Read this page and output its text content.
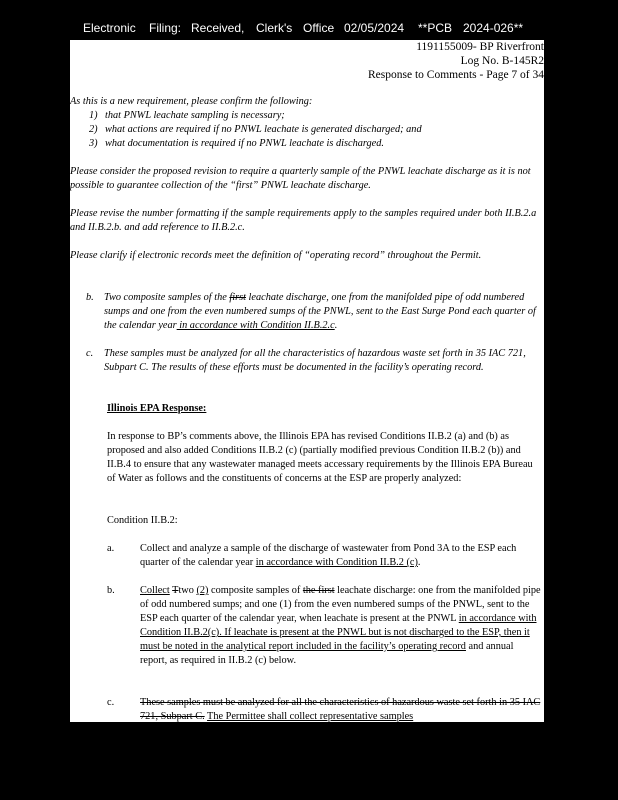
Electronic Filing: Received, Clerk's Office 02/05/2024 **PCB 2024-026**
1191155009- BP Riverfront
Log No. B-145R2
Response to Comments - Page 7 of 34

As this is a new requirement, please confirm the following:

1) that PNWL leachate sampling is necessary;
2) what actions are required if no PNWL leachate is generated discharged; and
3) what documentation is required if no PNWL leachate is discharged.

Please consider the proposed revision to require a quarterly sample of the PNWL leachate discharge as it is not possible to guarantee collection of the “first” PNWL leachate discharge.

Please revise the number formatting if the sample requirements apply to the samples required under both II.B.2.a and II.B.2.b. and add reference to II.B.2.c.

Please clarify if electronic records meet the definition of “operating record” throughout the Permit.

b. Two composite samples of the first leachate discharge, one from the manifolded pipe of odd numbered sumps and one from the even numbered sumps of the PNWL, sent to the East Surge Pond each quarter of the calendar year in accordance with Condition II.B.2.c.

c. These samples must be analyzed for all the characteristics of hazardous waste set forth in 35 IAC 721, Subpart C. The results of these efforts must be documented in the facility’s operating record.

Illinois EPA Response:

In response to BP’s comments above, the Illinois EPA has revised Conditions II.B.2 (a) and (b) as proposed and also added Conditions II.B.2 (c) (partially modified previous Condition II.B.2 (b)) and II.B.4 to ensure that any wastewater managed meets accessary requirements by the Illinois EPA Bureau of Water as follows and the constituents of concerns at the ESP are properly analyzed:

Condition II.B.2:

a.	Collect and analyze a sample of the discharge of wastewater from Pond 3A to the ESP each quarter of the calendar year in accordance with Condition II.B.2 (c).

b. Collect Ttwo (2) composite samples of the first leachate discharge: one from the manifolded pipe of odd numbered sumps; and one (1) from the even numbered sumps of the PNWL, sent to the ESP each quarter of the calendar year, when leachate is present at the PNWL in accordance with Condition II.B.2(c). If leachate is present at the PNWL but is not discharged to the ESP, then it must be noted in the analytical report included in the facility’s operating record and annual report, as required in II.B.2 (c) below.

c.	These samples must be analyzed for all the characteristics of hazardous waste set forth in 35 IAC 721, Subpart C. The Permittee shall collect representative samples
